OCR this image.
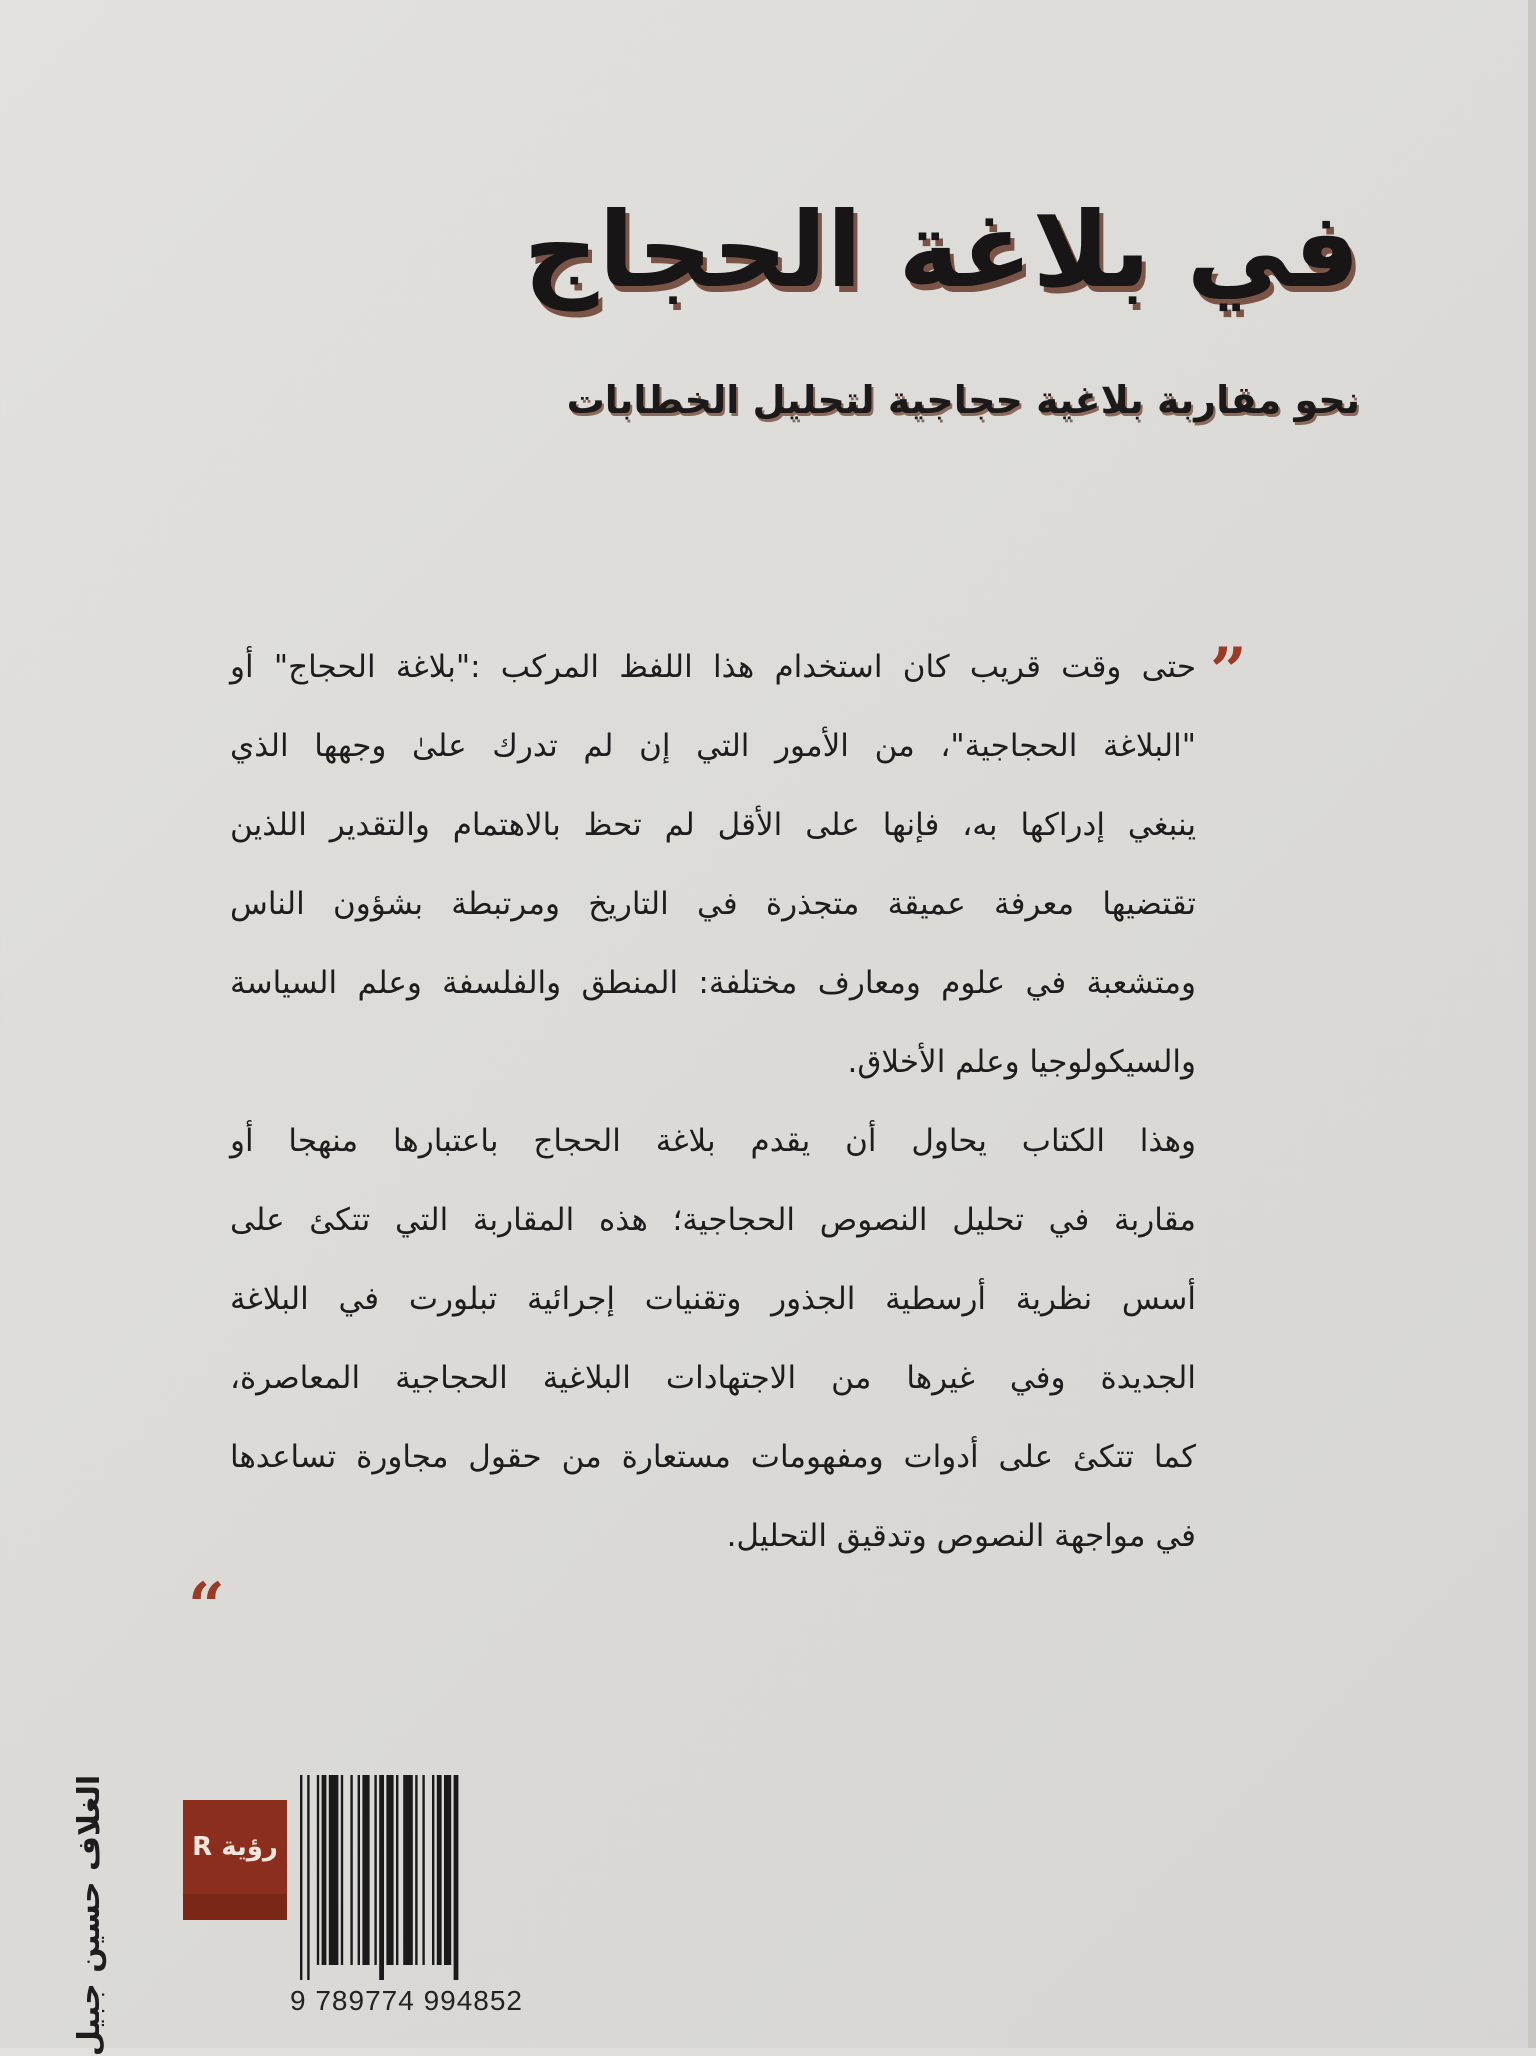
في بلاغة الحجاج
نحو مقاربة بلاغية حجاجية لتحليل الخطابات
”
حتى وقت قريب كان استخدام هذا اللفظ المركب :"بلاغة الحجاج" أو
"البلاغة الحجاجية"، من الأمور التي إن لم تدرك علىٰ وجهها الذي
ينبغي إدراكها به، فإنها على الأقل لم تحظ بالاهتمام والتقدير اللذين
تقتضيها معرفة عميقة متجذرة في التاريخ ومرتبطة بشؤون الناس
ومتشعبة في علوم ومعارف مختلفة: المنطق والفلسفة وعلم السياسة
والسيكولوجيا وعلم الأخلاق.
وهذا الكتاب يحاول أن يقدم بلاغة الحجاج باعتبارها منهجا أو
مقاربة في تحليل النصوص الحجاجية؛ هذه المقاربة التي تتكئ على
أسس نظرية أرسطية الجذور وتقنيات إجرائية تبلورت في البلاغة
الجديدة وفي غيرها من الاجتهادات البلاغية الحجاجية المعاصرة،
كما تتكئ على أدوات ومفهومات مستعارة من حقول مجاورة تساعدها
في مواجهة النصوص وتدقيق التحليل.
“
الغلاف حسين جبيل	رؤية R
9 789774 994852
